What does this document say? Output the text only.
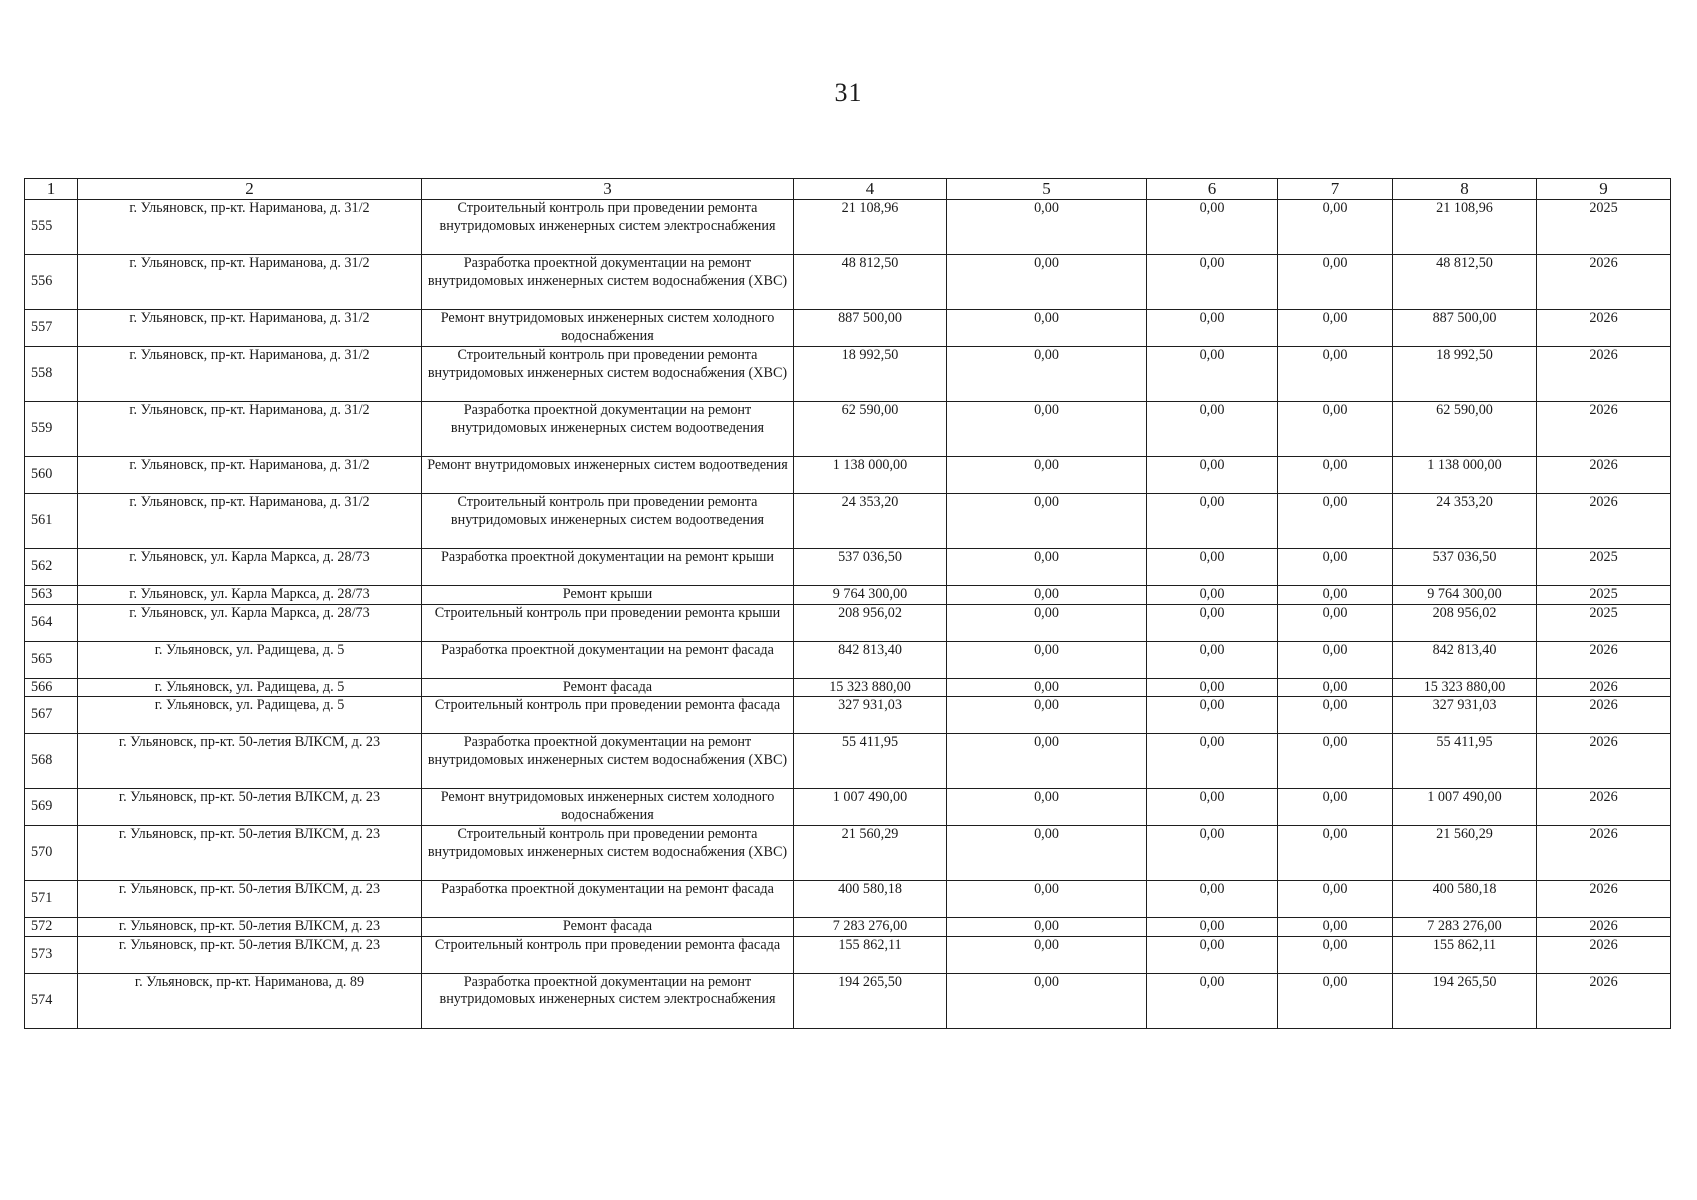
31
1	2	3	4	5	6	7	8	9
555	г. Ульяновск, пр-кт. Нариманова, д. 31/2	Строительный контроль при проведении ремонта внутридомовых инженерных систем электроснабжения	21 108,96	0,00	0,00	0,00	21 108,96	2025
556	г. Ульяновск, пр-кт. Нариманова, д. 31/2	Разработка проектной документации на ремонт внутридомовых инженерных систем водоснабжения (ХВС)	48 812,50	0,00	0,00	0,00	48 812,50	2026
557	г. Ульяновск, пр-кт. Нариманова, д. 31/2	Ремонт внутридомовых инженерных систем холодного водоснабжения	887 500,00	0,00	0,00	0,00	887 500,00	2026
558	г. Ульяновск, пр-кт. Нариманова, д. 31/2	Строительный контроль при проведении ремонта внутридомовых инженерных систем водоснабжения (ХВС)	18 992,50	0,00	0,00	0,00	18 992,50	2026
559	г. Ульяновск, пр-кт. Нариманова, д. 31/2	Разработка проектной документации на ремонт внутридомовых инженерных систем водоотведения	62 590,00	0,00	0,00	0,00	62 590,00	2026
560	г. Ульяновск, пр-кт. Нариманова, д. 31/2	Ремонт внутридомовых инженерных систем водоотведения	1 138 000,00	0,00	0,00	0,00	1 138 000,00	2026
561	г. Ульяновск, пр-кт. Нариманова, д. 31/2	Строительный контроль при проведении ремонта внутридомовых инженерных систем водоотведения	24 353,20	0,00	0,00	0,00	24 353,20	2026
562	г. Ульяновск, ул. Карла Маркса, д. 28/73	Разработка проектной документации на ремонт крыши	537 036,50	0,00	0,00	0,00	537 036,50	2025
563	г. Ульяновск, ул. Карла Маркса, д. 28/73	Ремонт крыши	9 764 300,00	0,00	0,00	0,00	9 764 300,00	2025
564	г. Ульяновск, ул. Карла Маркса, д. 28/73	Строительный контроль при проведении ремонта крыши	208 956,02	0,00	0,00	0,00	208 956,02	2025
565	г. Ульяновск, ул. Радищева, д. 5	Разработка проектной документации на ремонт фасада	842 813,40	0,00	0,00	0,00	842 813,40	2026
566	г. Ульяновск, ул. Радищева, д. 5	Ремонт фасада	15 323 880,00	0,00	0,00	0,00	15 323 880,00	2026
567	г. Ульяновск, ул. Радищева, д. 5	Строительный контроль при проведении ремонта фасада	327 931,03	0,00	0,00	0,00	327 931,03	2026
568	г. Ульяновск, пр-кт. 50-летия ВЛКСМ, д. 23	Разработка проектной документации на ремонт внутридомовых инженерных систем водоснабжения (ХВС)	55 411,95	0,00	0,00	0,00	55 411,95	2026
569	г. Ульяновск, пр-кт. 50-летия ВЛКСМ, д. 23	Ремонт внутридомовых инженерных систем холодного водоснабжения	1 007 490,00	0,00	0,00	0,00	1 007 490,00	2026
570	г. Ульяновск, пр-кт. 50-летия ВЛКСМ, д. 23	Строительный контроль при проведении ремонта внутридомовых инженерных систем водоснабжения (ХВС)	21 560,29	0,00	0,00	0,00	21 560,29	2026
571	г. Ульяновск, пр-кт. 50-летия ВЛКСМ, д. 23	Разработка проектной документации на ремонт фасада	400 580,18	0,00	0,00	0,00	400 580,18	2026
572	г. Ульяновск, пр-кт. 50-летия ВЛКСМ, д. 23	Ремонт фасада	7 283 276,00	0,00	0,00	0,00	7 283 276,00	2026
573	г. Ульяновск, пр-кт. 50-летия ВЛКСМ, д. 23	Строительный контроль при проведении ремонта фасада	155 862,11	0,00	0,00	0,00	155 862,11	2026
574	г. Ульяновск, пр-кт. Нариманова, д. 89	Разработка проектной документации на ремонт внутридомовых инженерных систем электроснабжения	194 265,50	0,00	0,00	0,00	194 265,50	2026
